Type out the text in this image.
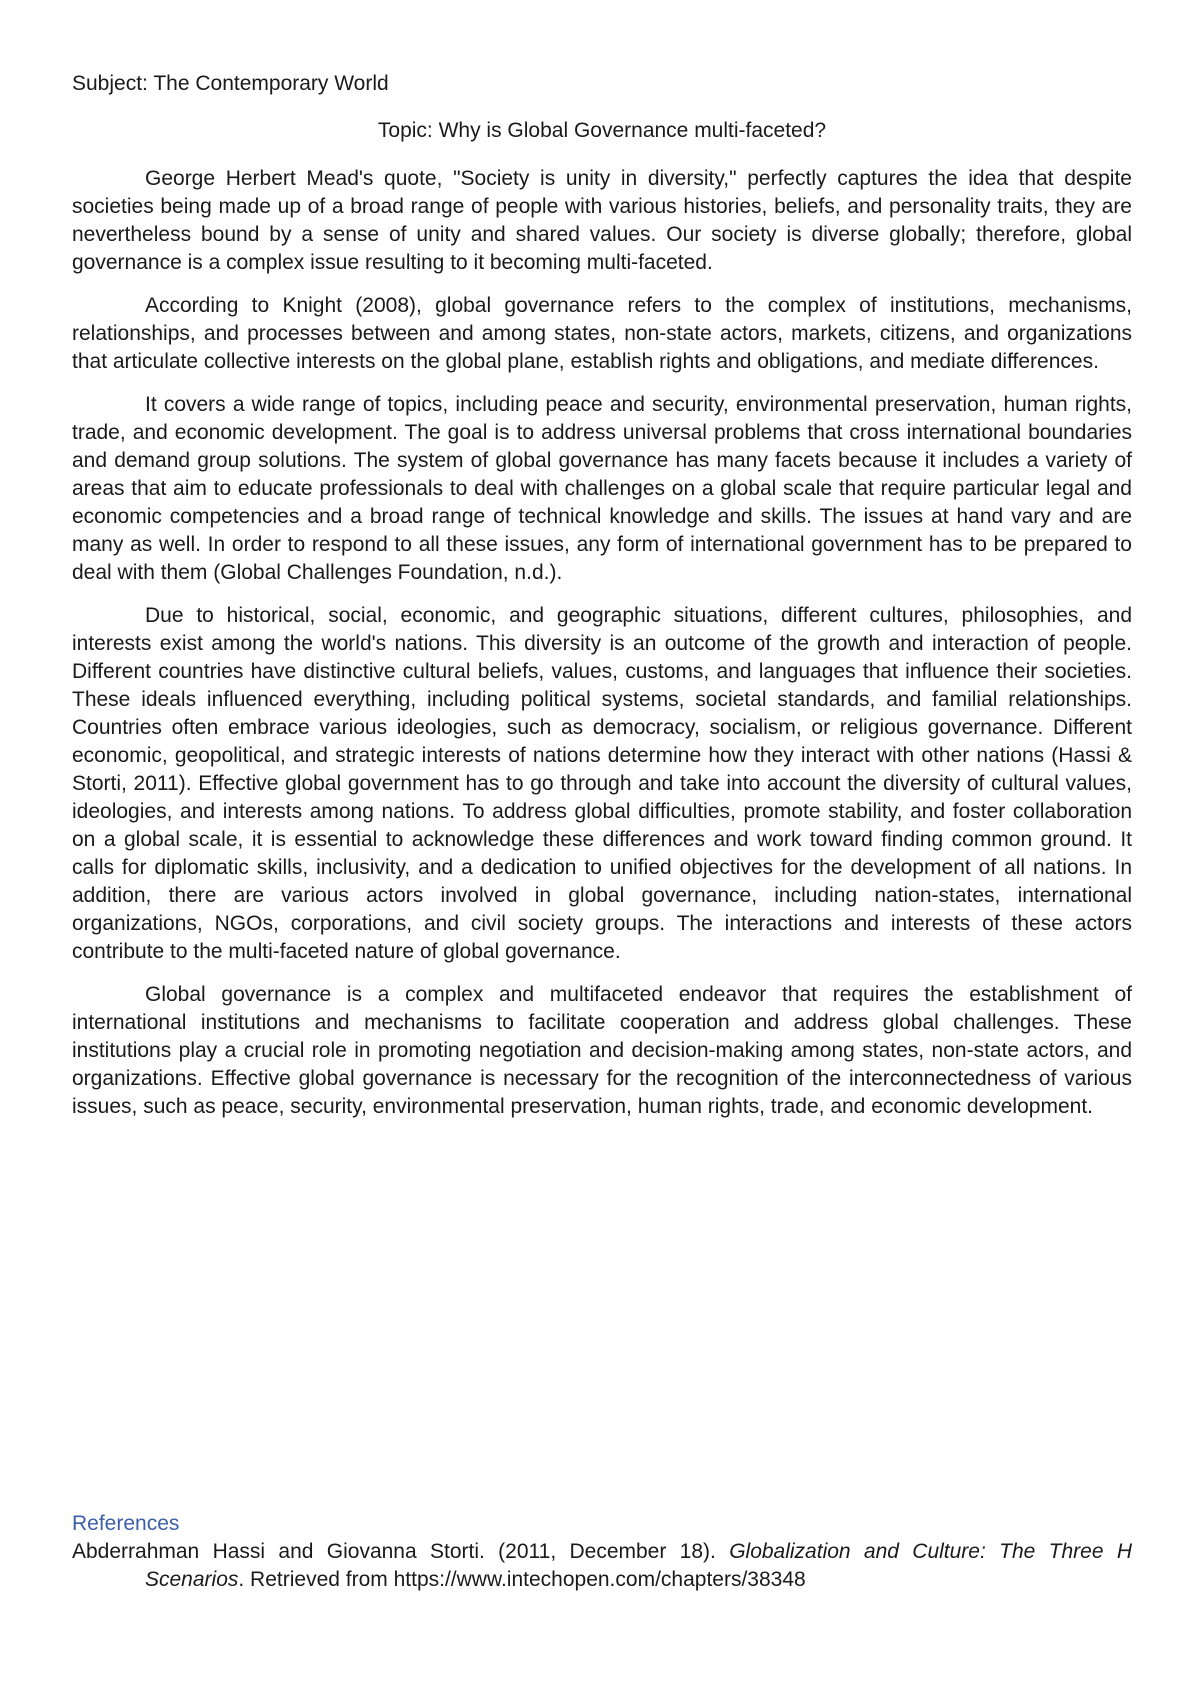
Subject: The Contemporary World

Topic: Why is Global Governance multi-faceted?

George Herbert Mead's quote, "Society is unity in diversity," perfectly captures the idea that despite societies being made up of a broad range of people with various histories, beliefs, and personality traits, they are nevertheless bound by a sense of unity and shared values. Our society is diverse globally; therefore, global governance is a complex issue resulting to it becoming multi-faceted.

According to Knight (2008), global governance refers to the complex of institutions, mechanisms, relationships, and processes between and among states, non-state actors, markets, citizens, and organizations that articulate collective interests on the global plane, establish rights and obligations, and mediate differences.

It covers a wide range of topics, including peace and security, environmental preservation, human rights, trade, and economic development. The goal is to address universal problems that cross international boundaries and demand group solutions. The system of global governance has many facets because it includes a variety of areas that aim to educate professionals to deal with challenges on a global scale that require particular legal and economic competencies and a broad range of technical knowledge and skills. The issues at hand vary and are many as well. In order to respond to all these issues, any form of international government has to be prepared to deal with them (Global Challenges Foundation, n.d.).

Due to historical, social, economic, and geographic situations, different cultures, philosophies, and interests exist among the world's nations. This diversity is an outcome of the growth and interaction of people. Different countries have distinctive cultural beliefs, values, customs, and languages that influence their societies. These ideals influenced everything, including political systems, societal standards, and familial relationships. Countries often embrace various ideologies, such as democracy, socialism, or religious governance. Different economic, geopolitical, and strategic interests of nations determine how they interact with other nations (Hassi & Storti, 2011). Effective global government has to go through and take into account the diversity of cultural values, ideologies, and interests among nations. To address global difficulties, promote stability, and foster collaboration on a global scale, it is essential to acknowledge these differences and work toward finding common ground. It calls for diplomatic skills, inclusivity, and a dedication to unified objectives for the development of all nations. In addition, there are various actors involved in global governance, including nation-states, international organizations, NGOs, corporations, and civil society groups. The interactions and interests of these actors contribute to the multi-faceted nature of global governance.

Global governance is a complex and multifaceted endeavor that requires the establishment of international institutions and mechanisms to facilitate cooperation and address global challenges. These institutions play a crucial role in promoting negotiation and decision-making among states, non-state actors, and organizations. Effective global governance is necessary for the recognition of the interconnectedness of various issues, such as peace, security, environmental preservation, human rights, trade, and economic development.

References

Abderrahman Hassi and Giovanna Storti. (2011, December 18). Globalization and Culture: The Three H Scenarios. Retrieved from https://www.intechopen.com/chapters/38348
